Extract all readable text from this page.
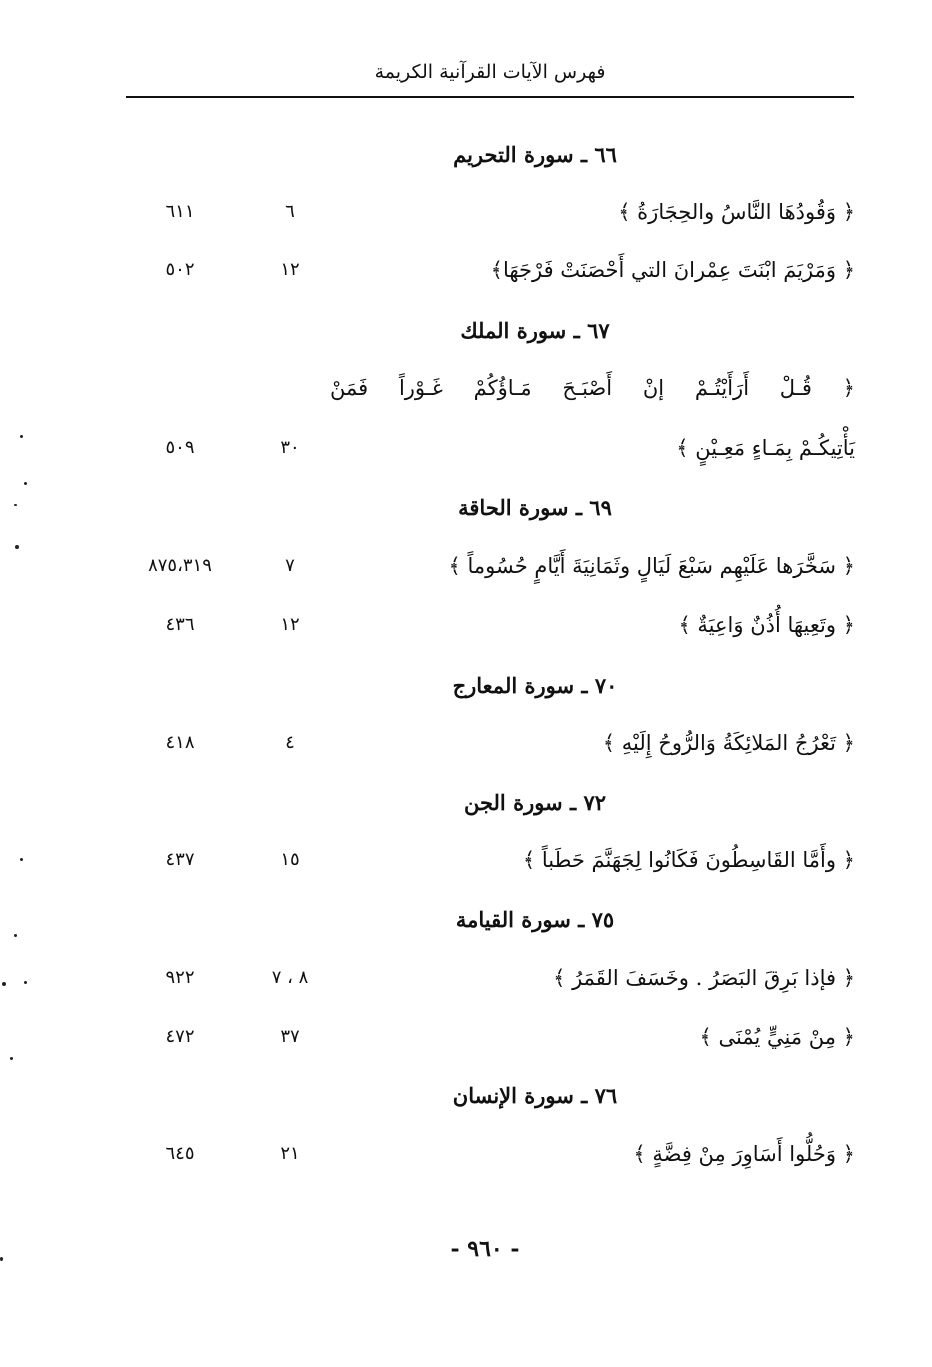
فهرس الآيات القرآنية الكريمة
٦٦ ـ سورة التحريم
﴿ وَقُودُهَا النَّاسُ والحِجَارَةُ ﴾
٦
٦١١
﴿ وَمَرْيَمَ ابْنَتَ عِمْرانَ التي أَحْصَنَتْ فَرْجَهَا﴾
١٢
٥٠٢
٦٧ ـ سورة الملك
﴿ قُـلْ أَرَأَيْتُـمْ إنْ أَصْبَـحَ مَـاؤُكُمْ غَـوْراً فَمَنْ
يَأْتِيكُـمْ بِمَـاءٍ مَعِـيْنٍ ﴾
٣٠
٥٠٩
٦٩ ـ سورة الحاقة
﴿ سَخَّرَها عَلَيْهِم سَبْعَ لَيَالٍ وثَمَانِيَةَ أَيَّامٍ حُسُوماً ﴾
٧
٨٧٥،٣١٩
﴿ وتَعِيهَا أُذُنٌ وَاعِيَةٌ ﴾
١٢
٤٣٦
٧٠ ـ سورة المعارج
﴿ تَعْرُجُ المَلائِكَةُ وَالرُّوحُ إِلَيْهِ ﴾
٤
٤١٨
٧٢ ـ سورة الجن
﴿ وأَمَّا القَاسِطُونَ فَكَانُوا لِجَهَنَّمَ حَطَباً ﴾
١٥
٤٣٧
٧٥ ـ سورة القيامة
﴿ فإذا بَرِقَ البَصَرُ . وخَسَفَ القَمَرُ ﴾
٨ ، ٧
٩٢٢
﴿ مِنْ مَنِيٍّ يُمْنَى ﴾
٣٧
٤٧٢
٧٦ ـ سورة الإنسان
﴿ وَحُلُّوا أَسَاوِرَ مِنْ فِضَّةٍ ﴾
٢١
٦٤٥
- ٩٦٠ -
